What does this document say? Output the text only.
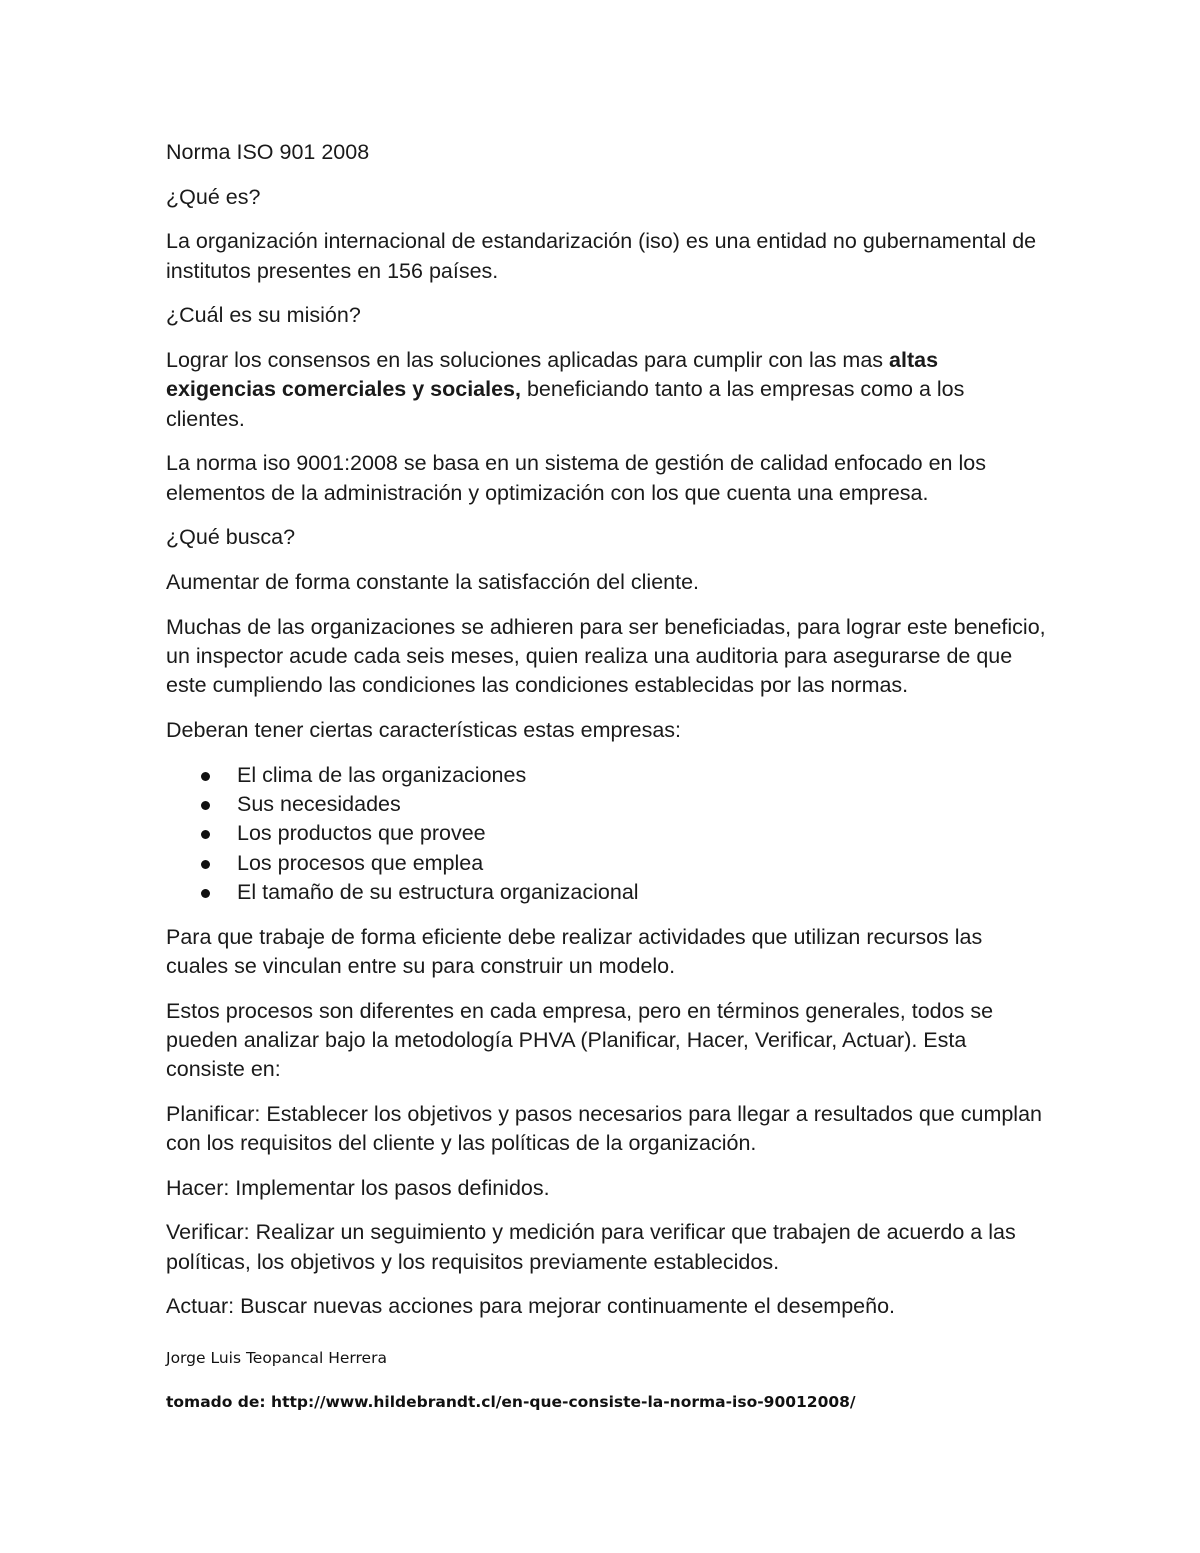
Norma ISO 901 2008

¿Qué es?

La organización internacional de estandarización (iso) es una entidad no gubernamental de institutos presentes en 156 países.

¿Cuál es su misión?

Lograr los consensos en las soluciones aplicadas para cumplir con las mas altas exigencias comerciales y sociales, beneficiando tanto a las empresas como a los clientes.

La norma iso 9001:2008 se basa en un sistema de gestión de calidad enfocado en los elementos de la administración y optimización con los que cuenta una empresa.

¿Qué busca?

Aumentar de forma constante la satisfacción del cliente.

Muchas de las organizaciones se adhieren para ser beneficiadas, para lograr este beneficio, un inspector acude cada seis meses, quien realiza una auditoria para asegurarse de que este cumpliendo las condiciones las condiciones establecidas por las normas.

Deberan tener ciertas características estas empresas:

El clima de las organizaciones
Sus necesidades
Los productos que provee
Los procesos que emplea
El tamaño de su estructura organizacional

Para que trabaje de forma eficiente debe realizar actividades que utilizan recursos las cuales se vinculan entre su para construir un modelo.

Estos procesos son diferentes en cada empresa, pero en términos generales, todos se pueden analizar bajo la metodología PHVA (Planificar, Hacer, Verificar, Actuar). Esta consiste en:

Planificar: Establecer los objetivos y pasos necesarios para llegar a resultados que cumplan con los requisitos del cliente y las políticas de la organización.

Hacer: Implementar los pasos definidos.

Verificar: Realizar un seguimiento y medición para verificar que trabajen de acuerdo a las políticas, los objetivos y los requisitos previamente establecidos.

Actuar: Buscar nuevas acciones para mejorar continuamente el desempeño.

Jorge Luis Teopancal Herrera
tomado de: http://www.hildebrandt.cl/en-que-consiste-la-norma-iso-90012008/
